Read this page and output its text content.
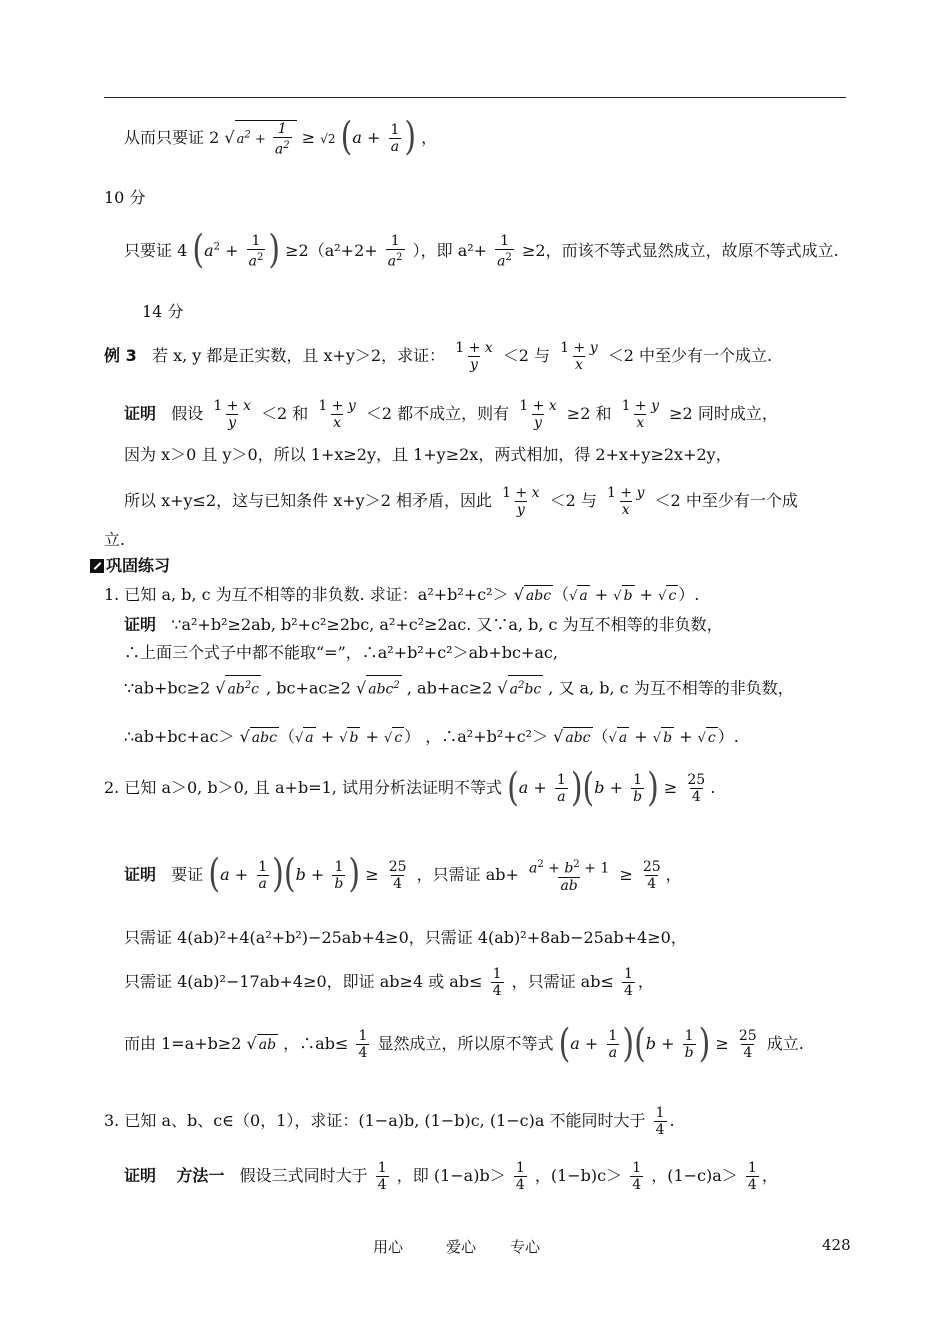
从而只要证 2 √ $a^2 + \frac{1}{a^2} \ge √2$ ($a + \frac{1}{a}$ ) ，
10 分
只要证 4 ($a^2 + \frac{1}{a^2}$ ) $\ge 2(a^2+2+ \frac{1}{a^2}$ ），即 $a^2+ \frac{1}{a^2} \ge 2$，而该不等式显然成立，故原不等式成立.
14 分
例 3 若 x, y 都是正实数，且 x+y＞2，求证： $\frac{1 + x}{y} <2$ 与 $\frac{1 + y}{x} <2$ 中至少有一个成立.
证明 假设 $\frac{1 + x}{y} <2$ 和 $\frac{1 + y}{x} <2$ 都不成立，则有 $\frac{1 + x}{y} \ge 2$ 和 $\frac{1 + y}{x} \ge 2$ 同时成立，
因为 x＞0 且 y＞0，所以 1+x≥2y，且 1+y≥2x，两式相加，得 2+x+y≥2x+2y，
所以 x+y≤2，这与已知条件 x+y＞2 相矛盾，因此 $\frac{1 + x}{y} <2$ 与 $\frac{1 + y}{x} <2$ 中至少有一个成
立.
巩固练习
1. 已知 a, b, c 为互不相等的非负数. 求证：a²+b²+c²＞ √ abc （√ a + √ b + √ c ）.
证明 ∵a²+b²≥2ab, b²+c²≥2bc, a²+c²≥2ac. 又∵a, b, c 为互不相等的非负数，
∴上面三个式子中都不能取“=”，∴a²+b²+c²＞ab+bc+ac,
∵ab+bc≥2 √ $ab^2c$ , bc+ac≥2 √ abc$^2$ , ab+ac≥2 √ $a^2bc$ , 又 a, b, c 为互不相等的非负数，
∴ab+bc+ac＞ √ abc （√ a + √ b + √ c ） ，∴a²+b²+c²＞ √ abc （√ a + √ b + √ c ）.
2. 已知 a＞0, b＞0, 且 a+b=1, 试用分析法证明不等式 $(a + \frac{1}{a} )(b + \frac{1}{b}$ ) ≥ $\frac{25}{4}$ .
证明 要证 $(a + \frac{1}{a} )(b + \frac{1}{b}$ ) ≥ $\frac{25}{4}$ ，只需证 $ab+ \frac{a^2 + b^2 + 1}{ab} \ge \frac{25}{4}$ ，
只需证 4(ab)²+4(a²+b²)−25ab+4≥0，只需证 4(ab)²+8ab−25ab+4≥0，
只需证 4(ab)²−17ab+4≥0，即证 ab≥4 或 $ab\le \frac{1}{4}$ ，只需证 $ab\le \frac{1}{4}$ ，
而由 1=a+b≥2 √ ab ，∴ab≤ $\frac{1}{4}$ 显然成立，所以原不等式 $(a + \frac{1}{a} )(b + \frac{1}{b}$ ) ≥ $\frac{25}{4}$ 成立.
3. 已知 a、b、c∈（0，1），求证：(1−a)b, (1−b)c, (1−c)a 不能同时大于 $\frac{1}{4}$ .
证明 方法一 假设三式同时大于 $\frac{1}{4}$ ，即 $(1-a)b> \frac{1}{4}$ ，$(1-b)c> \frac{1}{4}$ ，$(1-c)a> \frac{1}{4}$ ，
用心	爱心 专心	428
